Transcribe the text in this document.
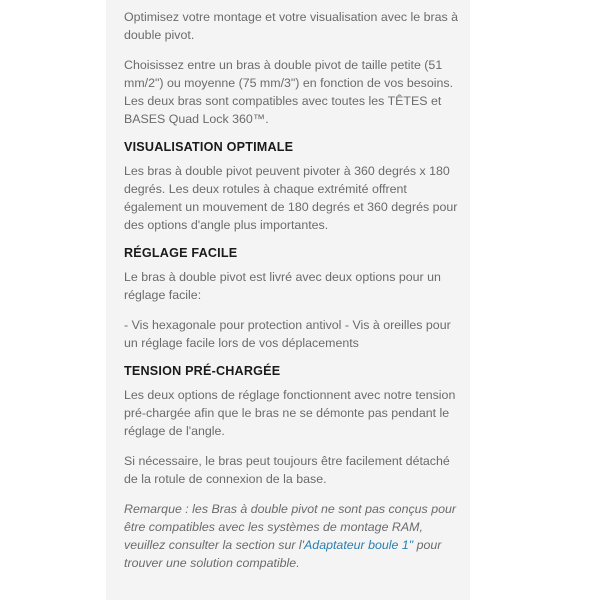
Optimisez votre montage et votre visualisation avec le bras à double pivot.

Choisissez entre un bras à double pivot de taille petite (51 mm/2") ou moyenne (75 mm/3") en fonction de vos besoins. Les deux bras sont compatibles avec toutes les TÊTES et BASES Quad Lock 360™.

VISUALISATION OPTIMALE

Les bras à double pivot peuvent pivoter à 360 degrés x 180 degrés. Les deux rotules à chaque extrémité offrent également un mouvement de 180 degrés et 360 degrés pour des options d'angle plus importantes.

RÉGLAGE FACILE

Le bras à double pivot est livré avec deux options pour un réglage facile:

- Vis hexagonale pour protection antivol - Vis à oreilles pour un réglage facile lors de vos déplacements

TENSION PRÉ-CHARGÉE

Les deux options de réglage fonctionnent avec notre tension pré-chargée afin que le bras ne se démonte pas pendant le réglage de l'angle.

Si nécessaire, le bras peut toujours être facilement détaché de la rotule de connexion de la base.

Remarque : les Bras à double pivot ne sont pas conçus pour être compatibles avec les systèmes de montage RAM, veuillez consulter la section sur l'Adaptateur boule 1" pour trouver une solution compatible.
